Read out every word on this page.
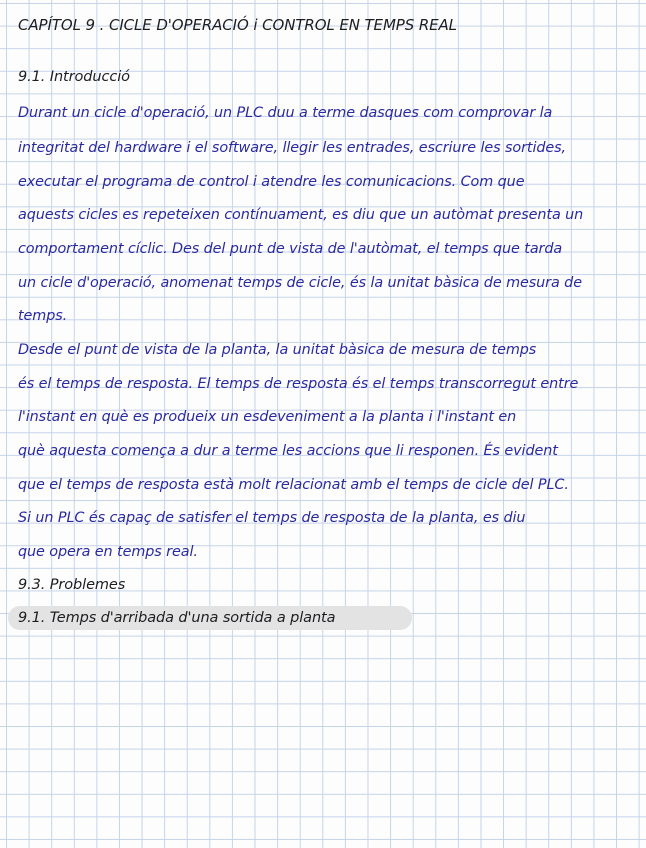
CAPÍTOL 9 . CICLE D'OPERACIÓ i CONTROL EN TEMPS REAL
9.1. Introducció
Durant un cicle d'operació, un PLC duu a terme dasques com comprovar la
integritat del hardware i el software, llegir les entrades, escriure les sortides,
executar el programa de control i atendre les comunicacions. Com que
aquests cicles es repeteixen contínuament, es diu que un autòmat presenta un
comportament cíclic. Des del punt de vista de l'autòmat, el temps que tarda
un cicle d'operació, anomenat temps de cicle, és la unitat bàsica de mesura de
temps.
Desde el punt de vista de la planta, la unitat bàsica de mesura de temps
és el temps de resposta. El temps de resposta és el temps transcorregut entre
l'instant en què es produeix un esdeveniment a la planta i l'instant en
què aquesta comença a dur a terme les accions que li responen. És evident
que el temps de resposta està molt relacionat amb el temps de cicle del PLC.
Si un PLC és capaç de satisfer el temps de resposta de la planta, es diu
que opera en temps real.
9.3. Problemes
9.1. Temps d'arribada d'una sortida a planta
